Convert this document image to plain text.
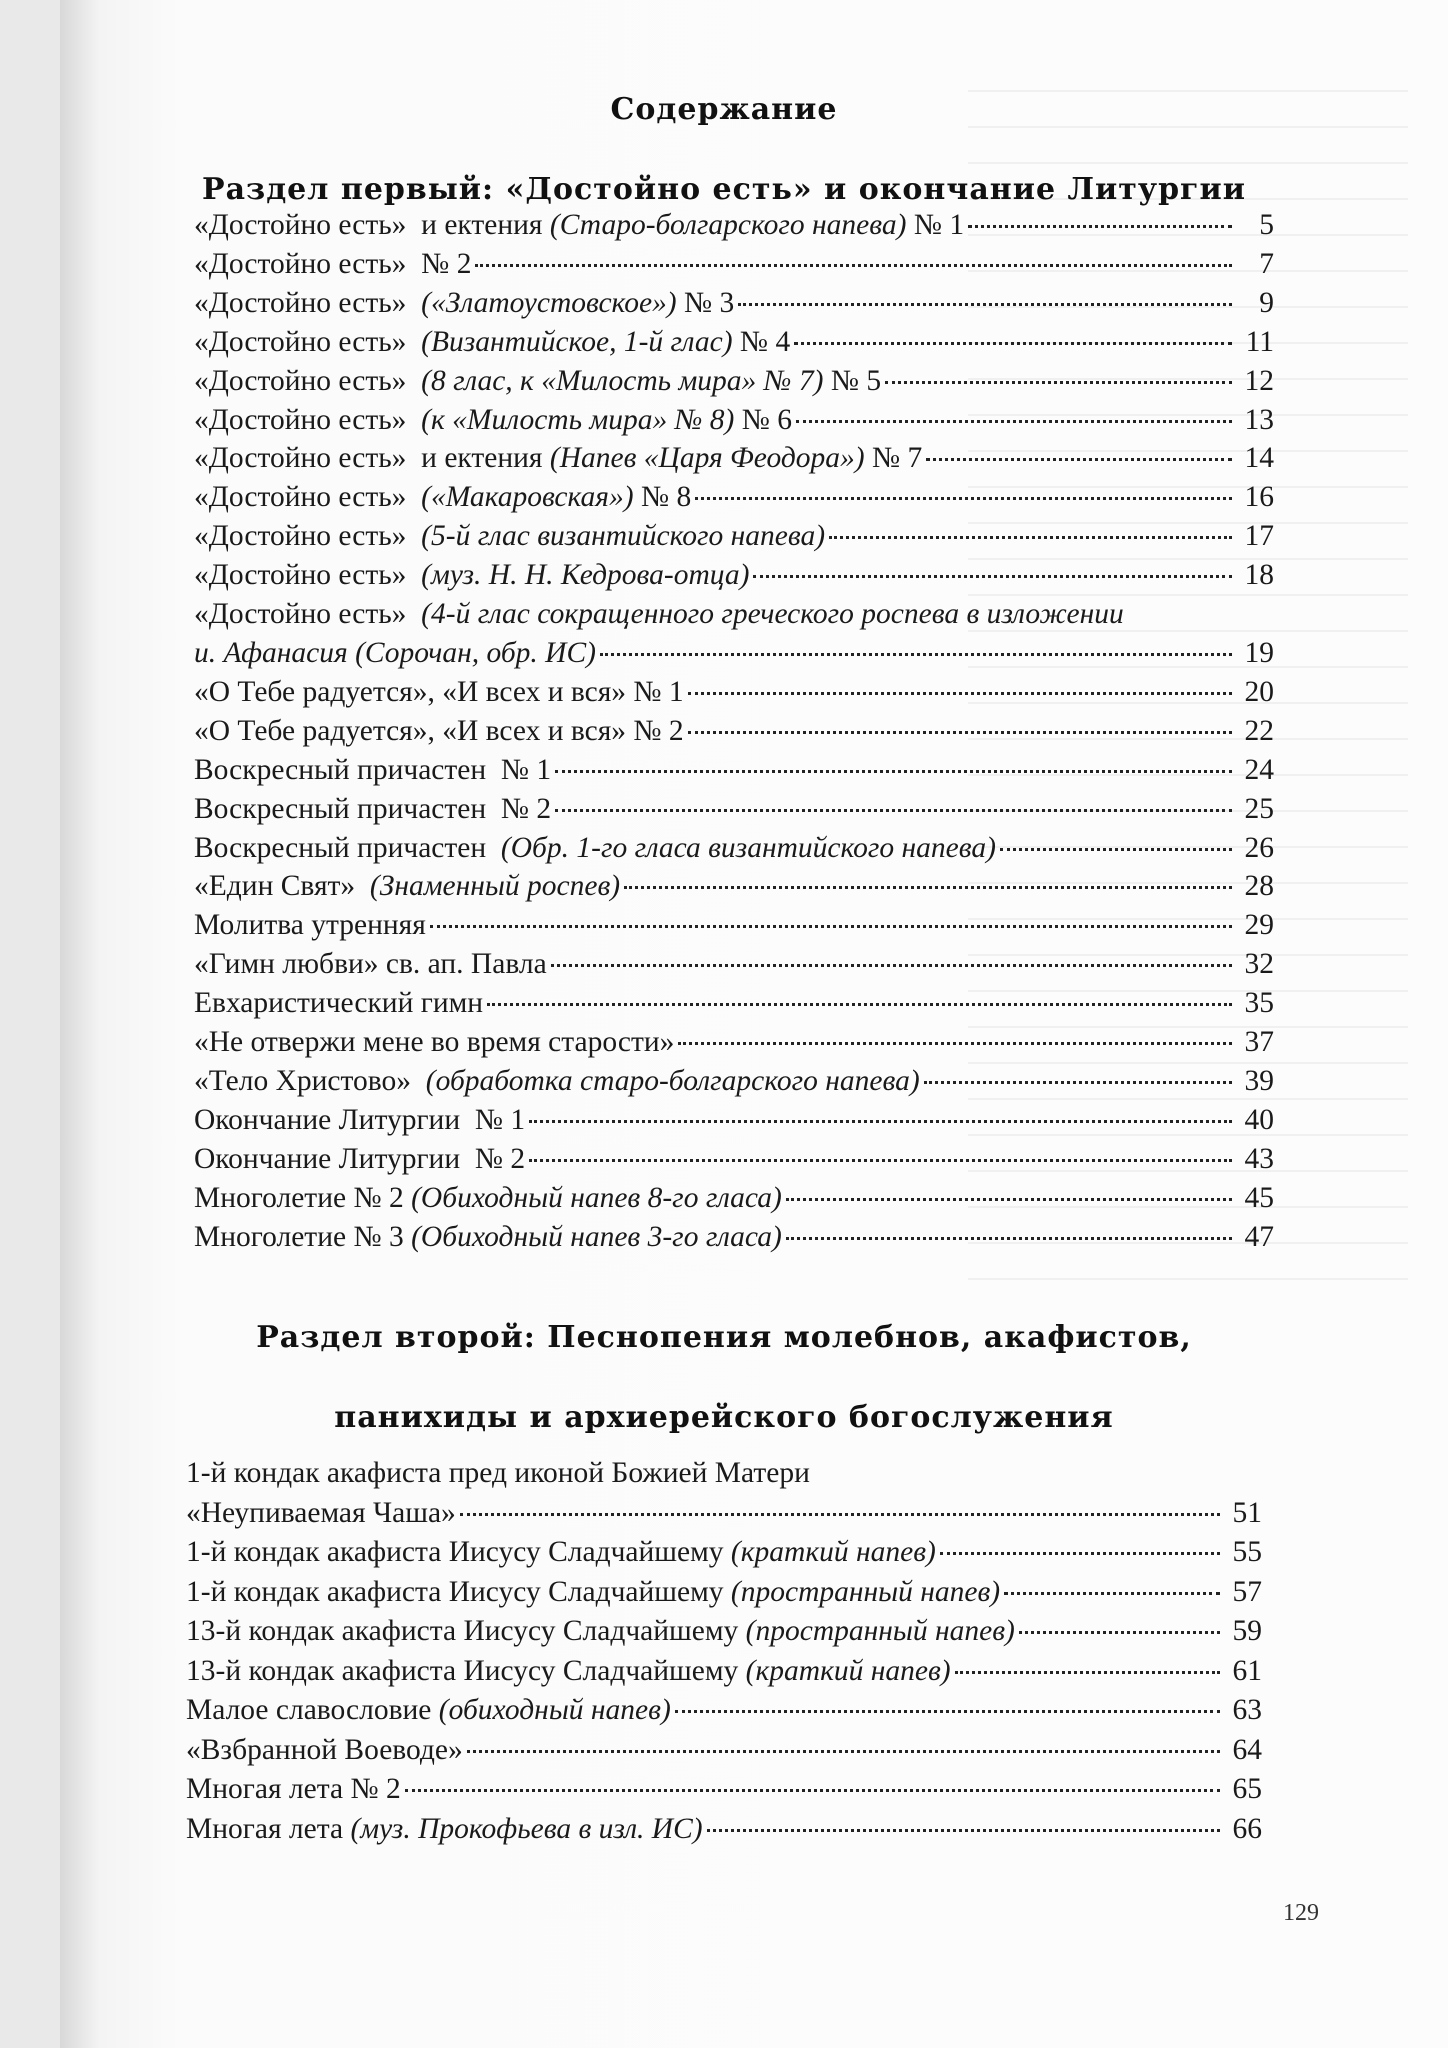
Содержание
Раздел первый: «Достойно есть» и окончание Литургии
«Достойно есть»  и ектения (Старо-болгарского напева) № 1	5
«Достойно есть»  № 2	7
«Достойно есть»  («Златоустовское») № 3	9
«Достойно есть»  (Византийское, 1-й глас) № 4	11
«Достойно есть»  (8 глас, к «Милость мира» № 7) № 5	12
«Достойно есть»  (к «Милость мира» № 8) № 6	13
«Достойно есть»  и ектения (Напев «Царя Феодора») № 7	14
«Достойно есть»  («Макаровская») № 8	16
«Достойно есть»  (5-й глас византийского напева)	17
«Достойно есть»  (муз. Н. Н. Кедрова-отца)	18
«Достойно есть»  (4-й глас сокращенного греческого роспева в изложении
и. Афанасия (Сорочан, обр. ИС)	19
«О Тебе радуется», «И всех и вся» № 1	20
«О Тебе радуется», «И всех и вся» № 2	22
Воскресный причастен  № 1	24
Воскресный причастен  № 2	25
Воскресный причастен  (Обр. 1-го гласа византийского напева)	26
«Един Свят»  (Знаменный роспев)	28
Молитва утренняя	29
«Гимн любви» св. ап. Павла	32
Евхаристический гимн	35
«Не отвержи мене во время старости»	37
«Тело Христово»  (обработка старо-болгарского напева)	39
Окончание Литургии  № 1	40
Окончание Литургии  № 2	43
Многолетие № 2 (Обиходный напев 8-го гласа)	45
Многолетие № 3 (Обиходный напев 3-го гласа)	47
Раздел второй: Песнопения молебнов, акафистов,
панихиды и архиерейского богослужения
1-й кондак акафиста пред иконой Божией Матери
«Неупиваемая Чаша»	51
1-й кондак акафиста Иисусу Сладчайшему (краткий напев)	55
1-й кондак акафиста Иисусу Сладчайшему (пространный напев)	57
13-й кондак акафиста Иисусу Сладчайшему (пространный напев)	59
13-й кондак акафиста Иисусу Сладчайшему (краткий напев)	61
Малое славословие (обиходный напев)	63
«Взбранной Воеводе»	64
Многая лета № 2	65
Многая лета (муз. Прокофьева в изл. ИС)	66
129
